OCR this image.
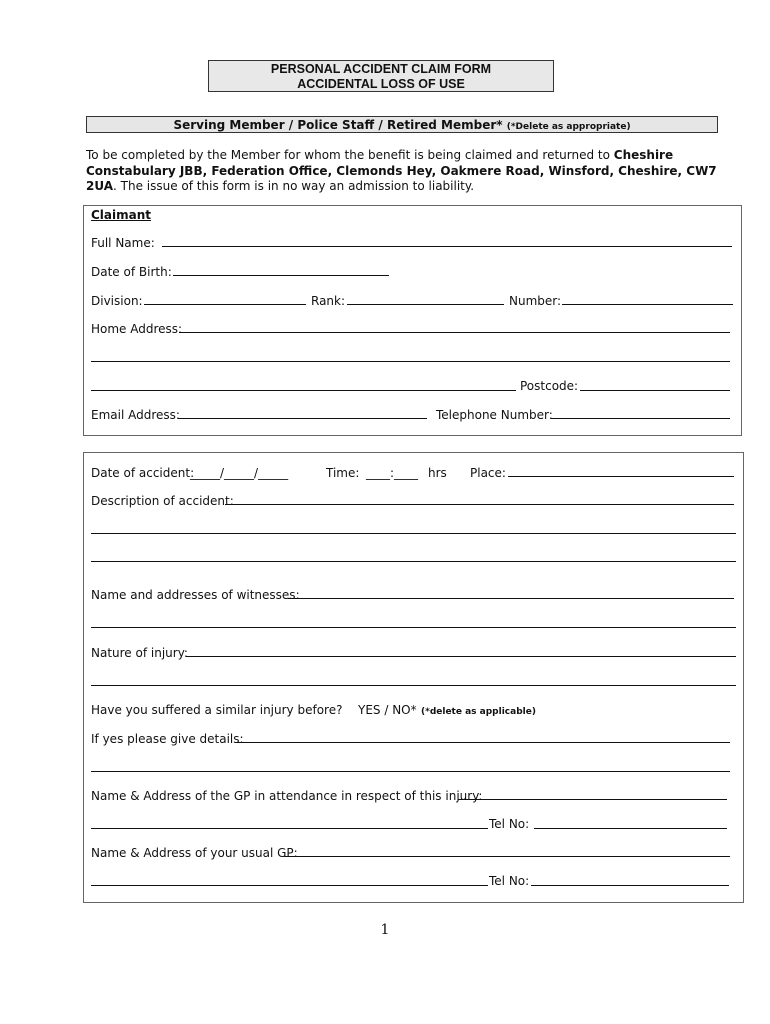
PERSONAL ACCIDENT CLAIM FORM
ACCIDENTAL LOSS OF USE
Serving Member / Police Staff / Retired Member* (*Delete as appropriate)
To be completed by the Member for whom the benefit is being claimed and returned to Cheshire Constabulary JBB, Federation Office, Clemonds Hey, Oakmere Road, Winsford, Cheshire, CW7 2UA. The issue of this form is in no way an admission to liability.
Claimant
Full Name:
Date of Birth:
Division:	Rank:	Number:
Home Address:
Postcode:
Email Address:	Telephone Number:
Date of accident:
_____/_____/_____	Time: ____:____ hrs Place:
Description of accident:
Name and addresses of witnesses:
Nature of injury:
Have you suffered a similar injury before? YES / NO* (*delete as applicable)
If yes please give details:
Name & Address of the GP in attendance in respect of this injury:
Tel No:
Name & Address of your usual GP:
Tel No:
1
